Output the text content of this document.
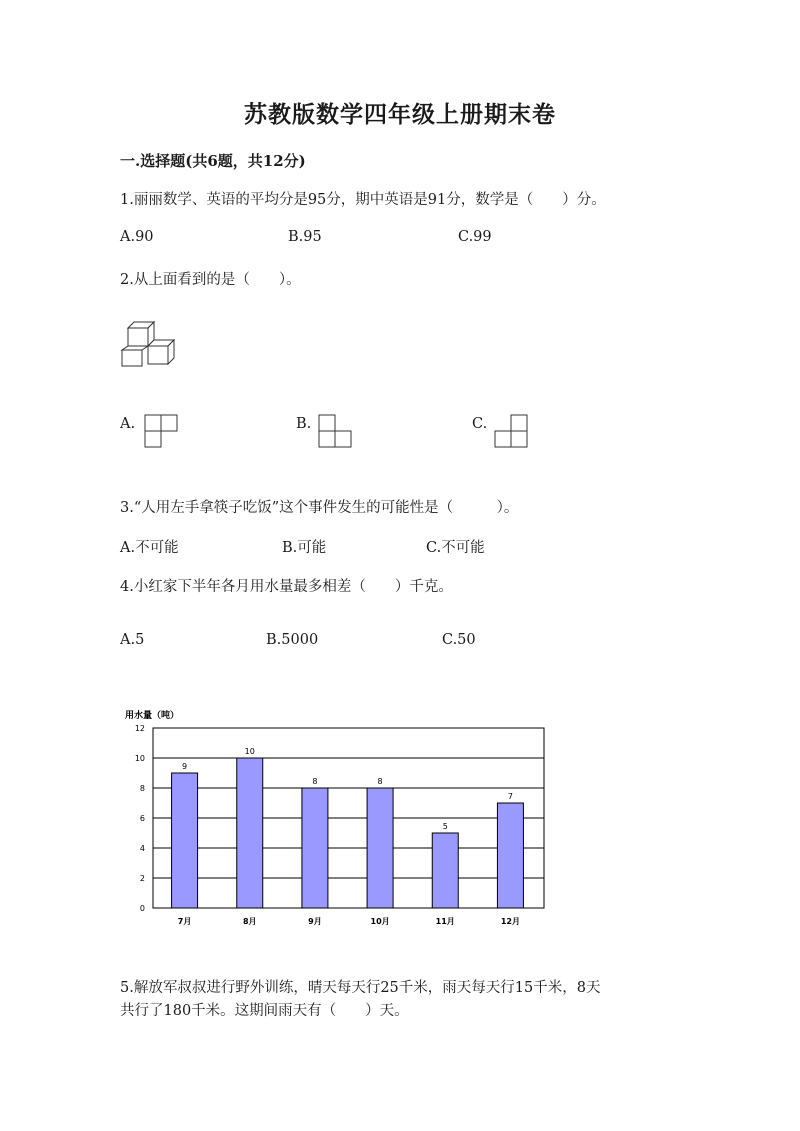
苏教版数学四年级上册期末卷
一.选择题(共6题，共12分)
1.丽丽数学、英语的平均分是95分，期中英语是91分，数学是（　　）分。
A.90	B.95	C.99
2.从上面看到的是（　　）。
A.	B.	C.
3.“人用左手拿筷子吃饭”这个事件发生的可能性是（　　　）。
A.不可能	B.可能	C.不可能
4.小红家下半年各月用水量最多相差（　　）千克。
A.5	B.5000	C.50
用水量（吨）
0
2
4
6
8
10
12
9
7月
10
8月
8
9月
8
10月
5
11月
7
12月
5.解放军叔叔进行野外训练，晴天每天行25千米，雨天每天行15千米，8天
共行了180千米。这期间雨天有（　　）天。
